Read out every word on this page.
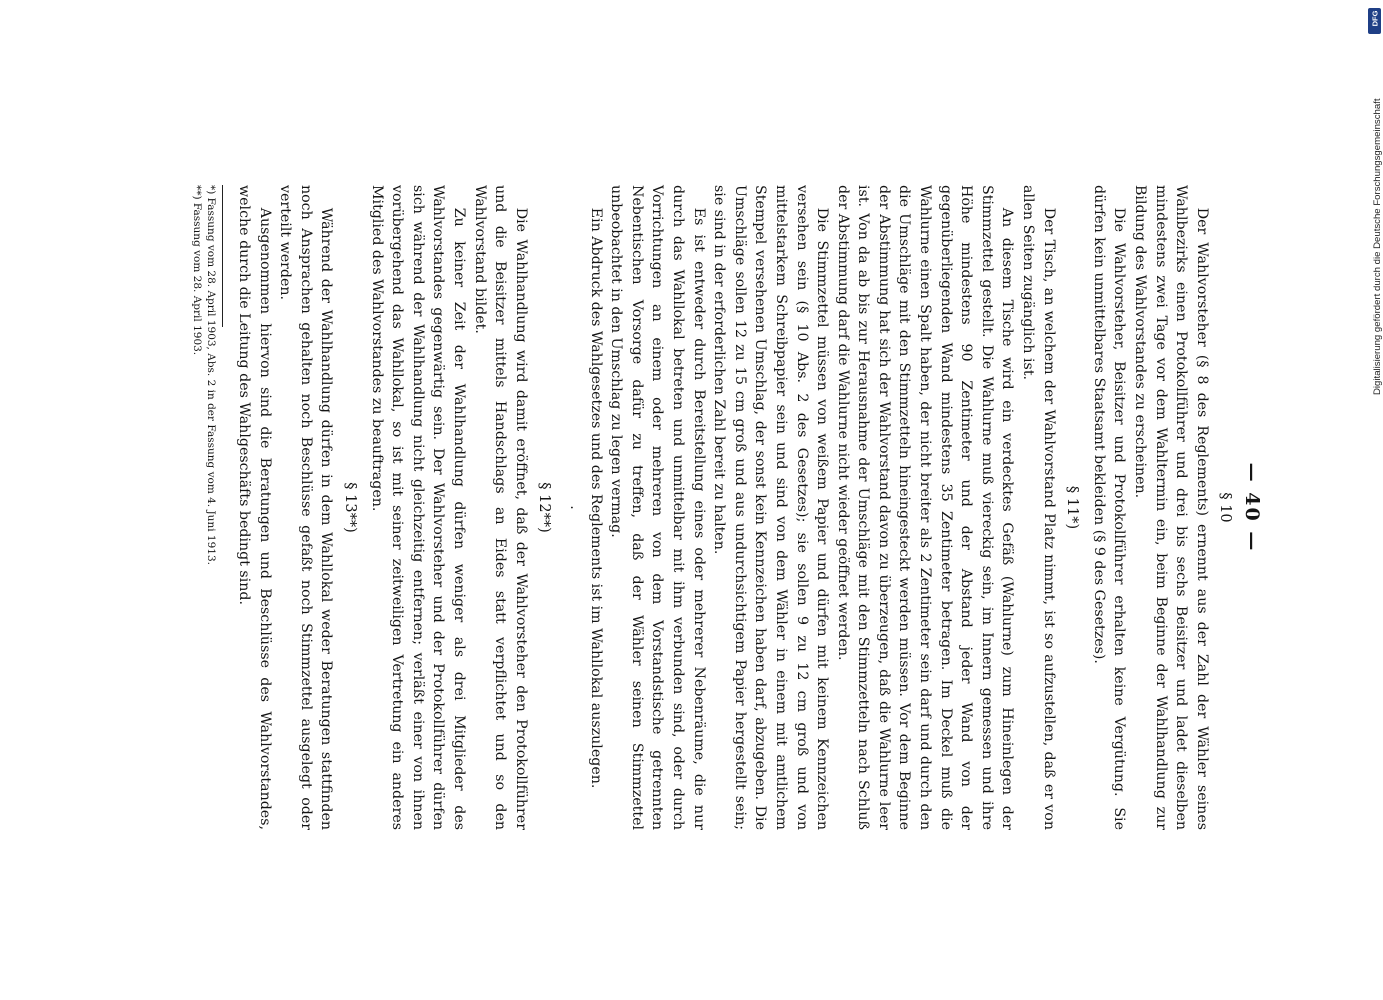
— 40 —
§ 10

Der Wahlvorsteher (§ 8 des Reglements) ernennt aus der Zahl der Wähler seines Wahlbezirks einen Protokollführer und drei bis sechs Beisitzer und ladet dieselben mindestens zwei Tage vor dem Wahltermin ein, beim Beginne der Wahlhandlung zur Bildung des Wahlvorstandes zu erscheinen.

Die Wahlvorsteher, Beisitzer und Protokollführer erhalten keine Vergütung. Sie dürfen kein unmittelbares Staatsamt bekleiden (§ 9 des Gesetzes).

§ 11*)

Der Tisch, an welchem der Wahlvorstand Platz nimmt, ist so aufzustellen, daß er von allen Seiten zugänglich ist.

An diesem Tische wird ein verdecktes Gefäß (Wahlurne) zum Hineinlegen der Stimmzettel gestellt. Die Wahlurne muß viereckig sein, im Innern gemessen und ihre Höhe mindestens 90 Zentimeter und der Abstand jeder Wand von der gegenüberliegenden Wand mindestens 35 Zentimeter betragen. Im Deckel muß die Wahlurne einen Spalt haben, der nicht breiter als 2 Zentimeter sein darf und durch den die Umschläge mit den Stimmzetteln hineingesteckt werden müssen. Vor dem Beginne der Abstimmung hat sich der Wahlvorstand davon zu überzeugen, daß die Wahlurne leer ist. Von da ab bis zur Herausnahme der Umschläge mit den Stimmzetteln nach Schluß der Abstimmung darf die Wahlurne nicht wieder geöffnet werden.

Die Stimmzettel müssen von weißem Papier und dürfen mit keinem Kennzeichen versehen sein (§ 10 Abs. 2 des Gesetzes); sie sollen 9 zu 12 cm groß und von mittelstarkem Schreibpapier sein und sind von dem Wähler in einem mit amtlichem Stempel versehenen Umschlag, der sonst kein Kennzeichen haben darf, abzugeben. Die Umschläge sollen 12 zu 15 cm groß und aus undurchsichtigem Papier hergestellt sein; sie sind in der erforderlichen Zahl bereit zu halten.

Es ist entweder durch Bereitstellung eines oder mehrerer Nebenräume, die nur durch das Wahllokal betreten und unmittelbar mit ihm verbunden sind, oder durch Vorrichtungen an einem oder mehreren von dem Vorstandstische getrennten Nebentischen Vorsorge dafür zu treffen, daß der Wähler seinen Stimmzettel unbeobachtet in den Umschlag zu legen vermag.

Ein Abdruck des Wahlgesetzes und des Reglements ist im Wahllokal auszulegen.

·
§ 12**)

Die Wahlhandlung wird damit eröffnet, daß der Wahlvorsteher den Protokollführer und die Beisitzer mittels Handschlags an Eides statt verpflichtet und so den Wahlvorstand bildet.

Zu keiner Zeit der Wahlhandlung dürfen weniger als drei Mitglieder des Wahlvorstandes gegenwärtig sein. Der Wahlvorsteher und der Protokollführer dürfen sich während der Wahlhandlung nicht gleichzeitig entfernen; verläßt einer von ihnen vorübergehend das Wahllokal, so ist mit seiner zeitweiligen Vertretung ein anderes Mitglied des Wahlvorstandes zu beauftragen.

§ 13**)

Während der Wahlhandlung dürfen in dem Wahllokal weder Beratungen stattfinden noch Ansprachen gehalten noch Beschlüsse gefaßt noch Stimmzettel ausgelegt oder verteilt werden.

Ausgenommen hiervon sind die Beratungen und Beschlüsse des Wahlvorstandes, welche durch die Leitung des Wahlgeschäfts bedingt sind.

*) Fassung vom 28. April 1903, Abs. 2 in der Fassung vom 4. Juni 1913.

**) Fassung vom 28. April 1903.	Digitalisierung gefördert durch die Deutsche Forschungsgemeinschaft
DFG
